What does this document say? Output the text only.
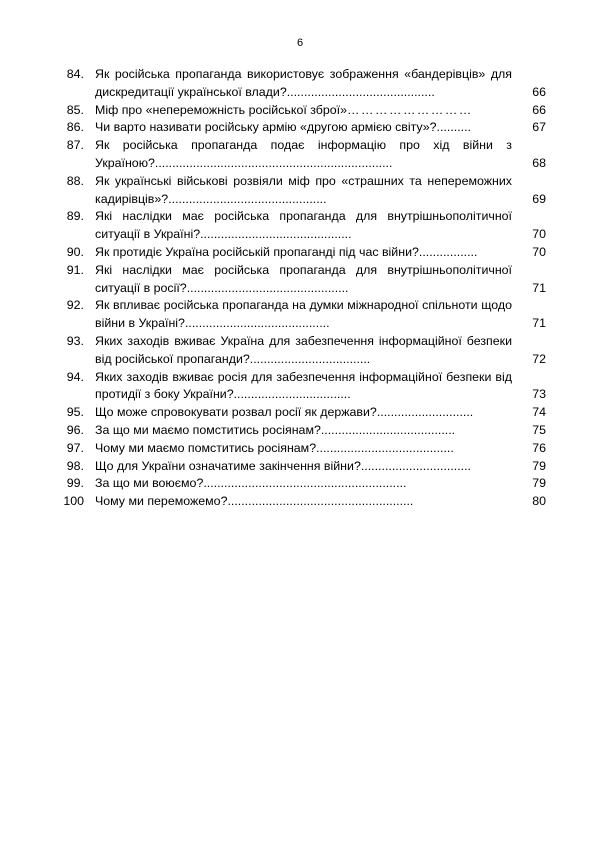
6
84. Як російська пропаганда використовує зображення «бандерівців» для дискредитації української влади?...........................................	66
85. Міф про «непереможність російської зброї»………………………	66
86. Чи варто називати російську армію «другою армією світу»?..........	67
87. Як російська пропаганда подає інформацію про хід війни з Україною?.....................................................................	68
88. Як українські військові розвіяли міф про «страшних та непереможних кадирівців»?..............................................	69
89. Які наслідки має російська пропаганда для внутрішньополітичної ситуації в Україні?............................................	70
90. Як протидіє Україна російській пропаганді під час війни?.................	70
91. Які наслідки має російська пропаганда для внутрішньополітичної ситуації в росії?...............................................	71
92. Як впливає російська пропаганда на думки міжнародної спільноти щодо війни в Україні?..........................................	71
93. Яких заходів вживає Україна для забезпечення інформаційної безпеки від російської пропаганди?...................................	72
94. Яких заходів вживає росія для забезпечення інформаційної безпеки від протидії з боку України?..................................	73
95. Що може спровокувати розвал росії як держави?............................	74
96. За що ми маємо помститись росіянам?.......................................	75
97. Чому ми маємо помститись росіянам?........................................	76
98. Що для України означатиме закінчення війни?................................	79
99. За що ми воюємо?...........................................................	79
100 Чому ми переможемо?......................................................	80
